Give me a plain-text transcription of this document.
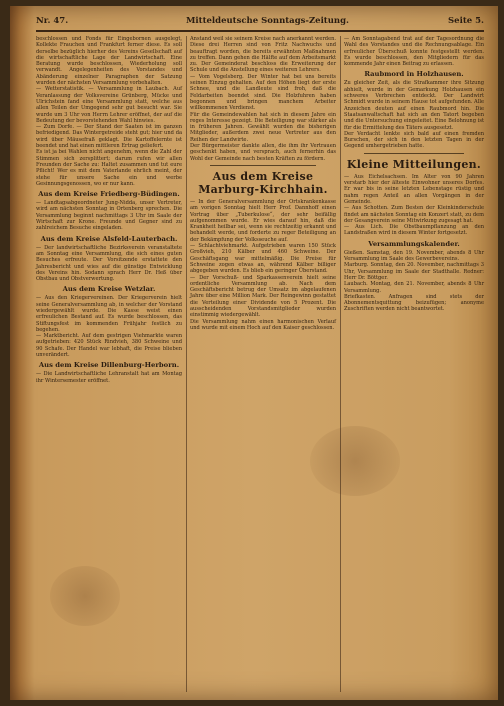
Nr. 47.	Mitteldeutsche Sonntags-Zeitung.	Seite 5.

beschlossen und Fonds für Eingebornen ausgelegt, Kollekte Frauchen und Frankfurt ferner diese. Es soll derselbe bezüglich hierher des Vereins Gesellschaft auf die wirtschaftliche Lage der Landwirtschaft. Eine Beratung wurde beschlossen, Wiederholung soll verwandt. Angelegenheiten des Vorstandes und Abänderung einzelner Paragraphen der Satzung wurden der nächsten Versammlung vorbehalten.

— Wetterstatistik. — Versammlung in Laubach. Auf Veranlassung der Volksvereine Grünberg, Mücke und Ulrichstein fand eine Versammlung statt, welche aus allen Teilen der Umgegend sehr gut besucht war. Sie wurde um 3 Uhr von Herrn Lehrer eröffnet, der auf die Bedeutung der bevorstehenden Wahl hinwies.

— Zum Dorfe. — Der Stand der Saaten ist im ganzen befriedigend. Das Wintergetreide steht gut; hier und da wird über Mäusefraß geklagt. Die Kartoffelernte ist beendet und hat einen mittleren Ertrag geliefert.

Es ist ja bei Wahlen nicht angenehm, wenn die Zahl der Stimmen sich zersplittert; darum rufen wir allen Freunden der Sache zu: Haltet zusammen und tut eure Pflicht! Wer es mit dem Vaterlande ehrlich meint, der stehe für unsere Sache ein und werbe Gesinnungsgenossen, wo er nur kann.

Aus dem Kreise Friedberg-Büdingen.

— Landtagsabgeordneter Jung-Nidda, unser Vertreter, wird am nächsten Sonntag in Ortenberg sprechen. Die Versammlung beginnt nachmittags 3 Uhr im Saale der Wirtschaft zur Krone. Freunde und Gegner sind zu zahlreichem Besuche eingeladen.

Aus dem Kreise Alsfeld-Lauterbach.

— Der landwirtschaftliche Bezirksverein veranstaltete am Sonntag eine Versammlung, die sich eines guten Besuches erfreute. Der Vorsitzende erstattete den Jahresbericht und wies auf die günstige Entwicklung des Vereins hin. Sodann sprach Herr Dr. Heß über Obstbau und Obstverwertung.

Aus dem Kreise Wetzlar.

— Aus den Kriegervereinen. Der Kriegerverein hielt seine Generalversammlung ab, in welcher der Vorstand wiedergewählt wurde. Die Kasse weist einen erfreulichen Bestand auf. Es wurde beschlossen, das Stiftungsfest im kommenden Frühjahr festlich zu begehen.

— Marktbericht. Auf dem gestrigen Viehmarkte waren aufgetrieben: 420 Stück Rindvieh, 380 Schweine und 90 Schafe. Der Handel war lebhaft, die Preise blieben unverändert.

Aus dem Kreise Dillenburg-Herborn.

— Die Landwirtschaftliche Lehranstalt hat am Montag ihr Wintersemester eröffnet.

Anstand weil sie seinem Kreise nach anerkannt werden. Diese drei Herren sind von Fritz Nachwuchs und beauftragt worden, die bereits erwähnten Maßnahmen zu treffen. Dann gehen die Hälfte auf dem Arbeitsmarkt zu. Der Gemeinderat beschloss die Erweiterung der Schule und die Anstellung eines weiteren Lehrers.

— Vom Vogelsberg. Der Winter hat bei uns bereits seinen Einzug gehalten. Auf den Höhen liegt der erste Schnee, und die Landleute sind froh, daß die Feldarbeiten beendet sind. Die Holzfuhren haben begonnen und bringen manchem Arbeiter willkommenen Verdienst.

Für die Gemeindewahlen hat sich in diesem Jahre ein reges Interesse gezeigt. Die Beteiligung war stärker als in früheren Jahren. Gewählt wurden die bisherigen Mitglieder, außerdem zwei neue Vertreter aus den Reihen der Landwirte.

Der Bürgermeister dankte allen, die ihm ihr Vertrauen geschenkt haben, und versprach, auch fernerhin das Wohl der Gemeinde nach besten Kräften zu fördern.

Aus dem Kreise Marburg-Kirchhain.

— In der Generalversammlung der Ortskrankenkasse am vorigen Sonntag hielt Herr Prof. Dannhoff einen Vortrag über „Tuberkulose“, der sehr beifällig aufgenommen wurde. Er wies darauf hin, daß die Krankheit heilbar sei, wenn sie rechtzeitig erkannt und behandelt werde, und forderte zu reger Beteiligung an der Bekämpfung der Volksseuche auf.

— Schlachtviehmarkt. Aufgetrieben waren 150 Stück Großvieh, 210 Kälber und 460 Schweine. Der Geschäftsgang war mittelmäßig. Die Preise für Schweine zogen etwas an, während Kälber billiger abgegeben wurden. Es blieb ein geringer Überstand.

— Der Vorschuß- und Sparkassenverein hielt seine ordentliche Versammlung ab. Nach dem Geschäftsbericht betrug der Umsatz im abgelaufenen Jahre über eine Million Mark. Der Reingewinn gestattet die Verteilung einer Dividende von 5 Prozent. Die ausscheidenden Vorstandsmitglieder wurden einstimmig wiedergewählt.

Die Versammlung nahm einen harmonischen Verlauf und wurde mit einem Hoch auf den Kaiser geschlossen.

— Am Sonntagabend trat auf der Tagesordnung die Wahl des Vorstandes und die Rechnungsablage. Ein erfreulicher Überschuß konnte festgestellt werden. Es wurde beschlossen, den Mitgliedern für das kommende Jahr einen Beitrag zu erlassen.

Raubmord in Holzhausen.

Zu gleicher Zeit, als die Strafkammer ihre Sitzung abhielt, wurde in der Gemarkung Holzhausen ein schweres Verbrechen entdeckt. Der Landwirt Schmidt wurde in seinem Hause tot aufgefunden. Alle Anzeichen deuten auf einen Raubmord hin. Die Staatsanwaltschaft hat sich an den Tatort begeben und die Untersuchung eingeleitet. Eine Belohnung ist für die Ermittelung des Täters ausgesetzt.

Der Verdacht lenkte sich bald auf einen fremden Burschen, der sich in den letzten Tagen in der Gegend umhergetrieben hatte.

Kleine Mitteilungen.

— Aus Eichelsachsen. Im Alter von 90 Jahren verstarb hier der älteste Einwohner unseres Dorfes. Er war bis in seine letzten Lebenstage rüstig und nahm regen Anteil an allen Vorgängen in der Gemeinde.

— Aus Schotten. Zum Besten der Kleinkinderschule findet am nächsten Sonntag ein Konzert statt, zu dem der Gesangverein seine Mitwirkung zugesagt hat.

— Aus Lich. Die Obstbaumpflanzung an den Landstraßen wird in diesem Winter fortgesetzt.

Versammlungskalender.

Gießen. Samstag, den 19. November, abends 8 Uhr Versammlung im Saale des Gewerbevereins.

Marburg. Sonntag, den 20. November, nachmittags 3 Uhr, Versammlung im Saale der Stadthalle. Redner: Herr Dr. Böttger.

Laubach. Montag, den 21. November, abends 8 Uhr Versammlung.

Briefkasten. Anfragen sind stets der Abonnementsquittung beizufügen; anonyme Zuschriften werden nicht beantwortet.
